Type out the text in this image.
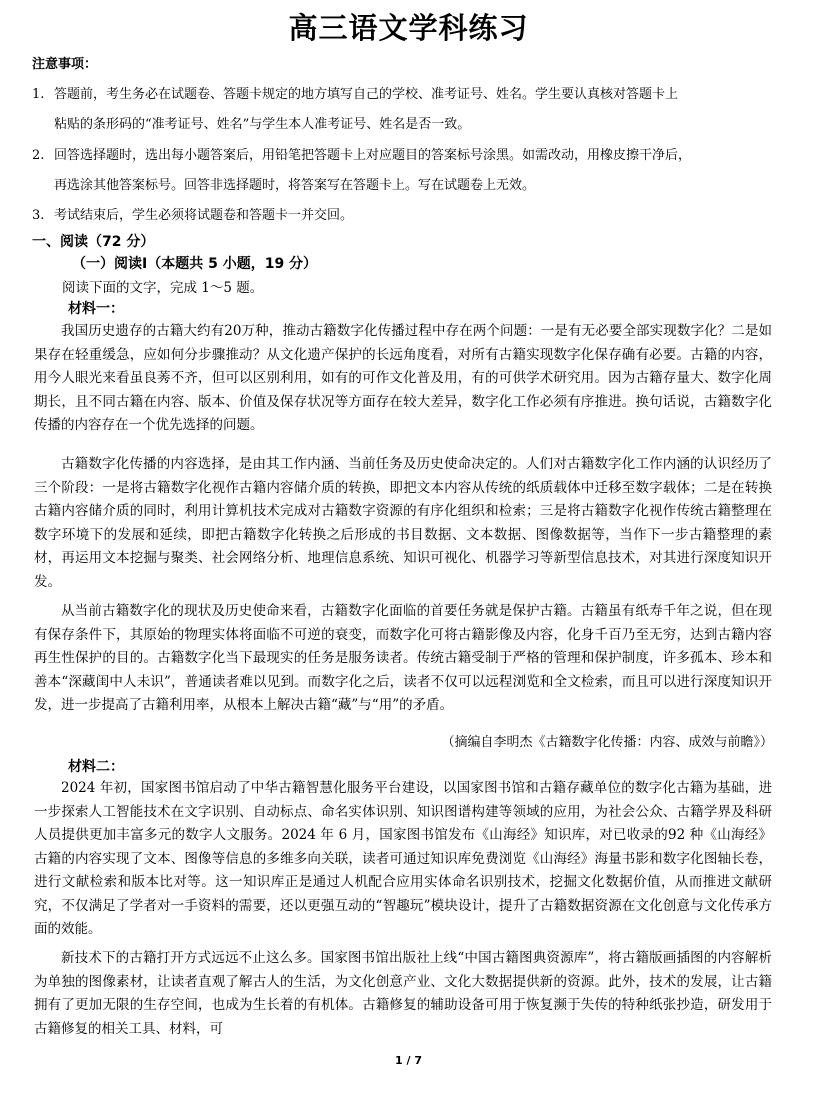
高三语文学科练习
注意事项：
1. 答题前，考生务必在试题卷、答题卡规定的地方填写自己的学校、准考证号、姓名。学生要认真核对答题卡上
粘贴的条形码的“准考证号、姓名”与学生本人准考证号、姓名是否一致。
2. 回答选择题时，选出每小题答案后，用铅笔把答题卡上对应题目的答案标号涂黑。如需改动，用橡皮擦干净后，
再选涂其他答案标号。回答非选择题时，将答案写在答题卡上。写在试题卷上无效。
3. 考试结束后，学生必须将试题卷和答题卡一并交回。
一、阅读（72 分）
（一）阅读Ⅰ（本题共 5 小题，19 分）
阅读下面的文字，完成 1～5 题。
材料一：

我国历史遗存的古籍大约有20万种，推动古籍数字化传播过程中存在两个问题：一是有无必要全部实现数字化？二是如果存在轻重缓急，应如何分步骤推动？从文化遗产保护的长远角度看，对所有古籍实现数字化保存确有必要。古籍的内容，用今人眼光来看虽良莠不齐，但可以区别利用，如有的可作文化普及用，有的可供学术研究用。因为古籍存量大、数字化周期长，且不同古籍在内容、版本、价值及保存状况等方面存在较大差异，数字化工作必须有序推进。换句话说，古籍数字化传播的内容存在一个优先选择的问题。

古籍数字化传播的内容选择，是由其工作内涵、当前任务及历史使命决定的。人们对古籍数字化工作内涵的认识经历了三个阶段：一是将古籍数字化视作古籍内容储介质的转换，即把文本内容从传统的纸质载体中迁移至数字载体；二是在转换古籍内容储介质的同时，利用计算机技术完成对古籍数字资源的有序化组织和检索；三是将古籍数字化视作传统古籍整理在数字环境下的发展和延续，即把古籍数字化转换之后形成的书目数据、文本数据、图像数据等，当作下一步古籍整理的素材，再运用文本挖掘与聚类、社会网络分析、地理信息系统、知识可视化、机器学习等新型信息技术，对其进行深度知识开发。

从当前古籍数字化的现状及历史使命来看，古籍数字化面临的首要任务就是保护古籍。古籍虽有纸寿千年之说，但在现有保存条件下，其原始的物理实体将面临不可逆的衰变，而数字化可将古籍影像及内容，化身千百乃至无穷，达到古籍内容再生性保护的目的。古籍数字化当下最现实的任务是服务读者。传统古籍受制于严格的管理和保护制度，许多孤本、珍本和善本“深藏闺中人未识”，普通读者难以见到。而数字化之后，读者不仅可以远程浏览和全文检索，而且可以进行深度知识开发，进一步提高了古籍利用率，从根本上解决古籍“藏”与“用”的矛盾。

（摘编自李明杰《古籍数字化传播：内容、成效与前瞻》）
材料二：

2024 年初，国家图书馆启动了中华古籍智慧化服务平台建设，以国家图书馆和古籍存藏单位的数字化古籍为基础，进一步探索人工智能技术在文字识别、自动标点、命名实体识别、知识图谱构建等领域的应用，为社会公众、古籍学界及科研人员提供更加丰富多元的数字人文服务。2024 年 6 月，国家图书馆发布《山海经》知识库，对已收录的92 种《山海经》古籍的内容实现了文本、图像等信息的多维多向关联，读者可通过知识库免费浏览《山海经》海量书影和数字化图轴长卷，进行文献检索和版本比对等。这一知识库正是通过人机配合应用实体命名识别技术，挖掘文化数据价值，从而推进文献研究，不仅满足了学者对一手资料的需要，还以更强互动的“智趣玩”模块设计，提升了古籍数据资源在文化创意与文化传承方面的效能。

新技术下的古籍打开方式远远不止这么多。国家图书馆出版社上线“中国古籍图典资源库”，将古籍版画插图的内容解析为单独的图像素材，让读者直观了解古人的生活，为文化创意产业、文化大数据提供新的资源。此外，技术的发展，让古籍拥有了更加无限的生存空间，也成为生长着的有机体。古籍修复的辅助设备可用于恢复濒于失传的特种纸张抄造，研发用于古籍修复的相关工具、材料，可

1 / 7
